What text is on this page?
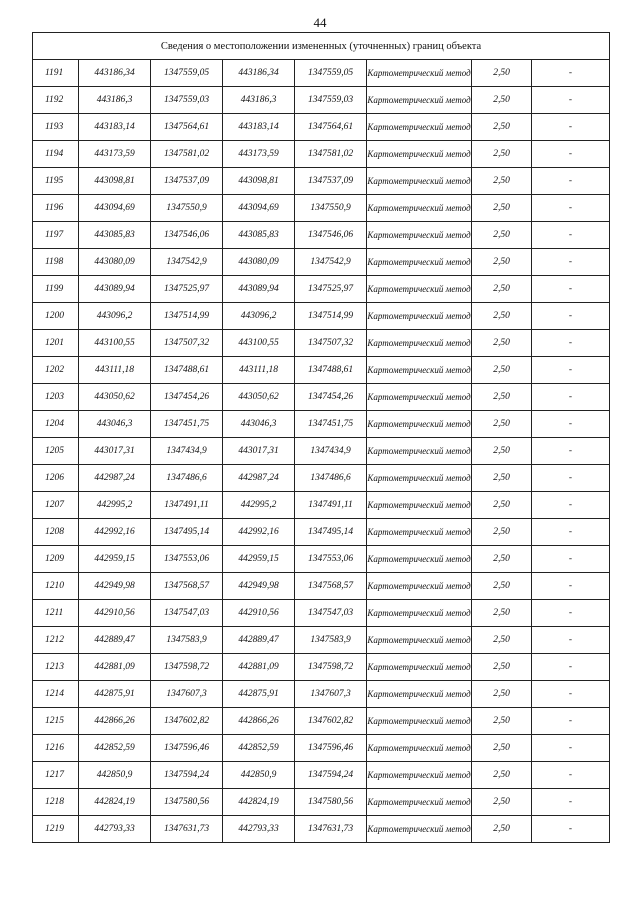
44
Сведения о местоположении измененных (уточненных) границ объекта							
1191	443186,34	1347559,05	443186,34	1347559,05	Картометрический метод	2,50	-
1192	443186,3	1347559,03	443186,3	1347559,03	Картометрический метод	2,50	-
1193	443183,14	1347564,61	443183,14	1347564,61	Картометрический метод	2,50	-
1194	443173,59	1347581,02	443173,59	1347581,02	Картометрический метод	2,50	-
1195	443098,81	1347537,09	443098,81	1347537,09	Картометрический метод	2,50	-
1196	443094,69	1347550,9	443094,69	1347550,9	Картометрический метод	2,50	-
1197	443085,83	1347546,06	443085,83	1347546,06	Картометрический метод	2,50	-
1198	443080,09	1347542,9	443080,09	1347542,9	Картометрический метод	2,50	-
1199	443089,94	1347525,97	443089,94	1347525,97	Картометрический метод	2,50	-
1200	443096,2	1347514,99	443096,2	1347514,99	Картометрический метод	2,50	-
1201	443100,55	1347507,32	443100,55	1347507,32	Картометрический метод	2,50	-
1202	443111,18	1347488,61	443111,18	1347488,61	Картометрический метод	2,50	-
1203	443050,62	1347454,26	443050,62	1347454,26	Картометрический метод	2,50	-
1204	443046,3	1347451,75	443046,3	1347451,75	Картометрический метод	2,50	-
1205	443017,31	1347434,9	443017,31	1347434,9	Картометрический метод	2,50	-
1206	442987,24	1347486,6	442987,24	1347486,6	Картометрический метод	2,50	-
1207	442995,2	1347491,11	442995,2	1347491,11	Картометрический метод	2,50	-
1208	442992,16	1347495,14	442992,16	1347495,14	Картометрический метод	2,50	-
1209	442959,15	1347553,06	442959,15	1347553,06	Картометрический метод	2,50	-
1210	442949,98	1347568,57	442949,98	1347568,57	Картометрический метод	2,50	-
1211	442910,56	1347547,03	442910,56	1347547,03	Картометрический метод	2,50	-
1212	442889,47	1347583,9	442889,47	1347583,9	Картометрический метод	2,50	-
1213	442881,09	1347598,72	442881,09	1347598,72	Картометрический метод	2,50	-
1214	442875,91	1347607,3	442875,91	1347607,3	Картометрический метод	2,50	-
1215	442866,26	1347602,82	442866,26	1347602,82	Картометрический метод	2,50	-
1216	442852,59	1347596,46	442852,59	1347596,46	Картометрический метод	2,50	-
1217	442850,9	1347594,24	442850,9	1347594,24	Картометрический метод	2,50	-
1218	442824,19	1347580,56	442824,19	1347580,56	Картометрический метод	2,50	-
1219	442793,33	1347631,73	442793,33	1347631,73	Картометрический метод	2,50	-
